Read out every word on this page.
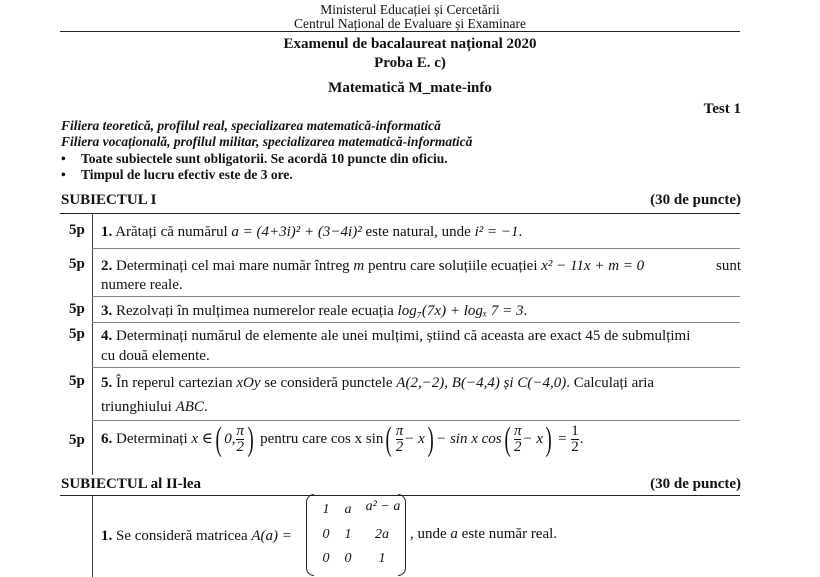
Ministerul Educației și Cercetării
Centrul Național de Evaluare și Examinare
Examenul de bacalaureat național 2020
Proba E. c)
Matematică M_mate-info
Test 1
Filiera teoretică, profilul real, specializarea matematică-informatică
Filiera vocațională, profilul militar, specializarea matematică-informatică
• Toate subiectele sunt obligatorii. Se acordă 10 puncte din oficiu.
• Timpul de lucru efectiv este de 3 ore.
SUBIECTUL I	(30 de puncte)
5p 1. Arătați că numărul a = (4+3i)² + (3−4i)² este natural, unde i² = −1.
5p 2. Determinați cel mai mare număr întreg m pentru care soluțiile ecuației x² − 11x + m = 0	sunt
numere reale.
5p 3. Rezolvați în mulțimea numerelor reale ecuația log₇(7x) + logₓ 7 = 3.
5p 4. Determinați numărul de elemente ale unei mulțimi, știind că aceasta are exact 45 de submulțimi
cu două elemente.
5p 5. În reperul cartezian xOy se consideră punctele A(2,−2), B(−4,4) și C(−4,0). Calculați aria
triunghiului ABC.
5p 6. Determinați x ∈( 0, $\frac{\pi}{2}$ ) pentru care cos x $\sin( \frac{\pi}{2} - x) - \sin x$ $\cos( \frac{\pi}{2} - x) = \frac{1}{2}$ .
SUBIECTUL al II-lea	(30 de puncte)
1. Se consideră matricea A(a) =
1	a	a² − a
0	1	2a
0	0	1
, unde a este număr real.
